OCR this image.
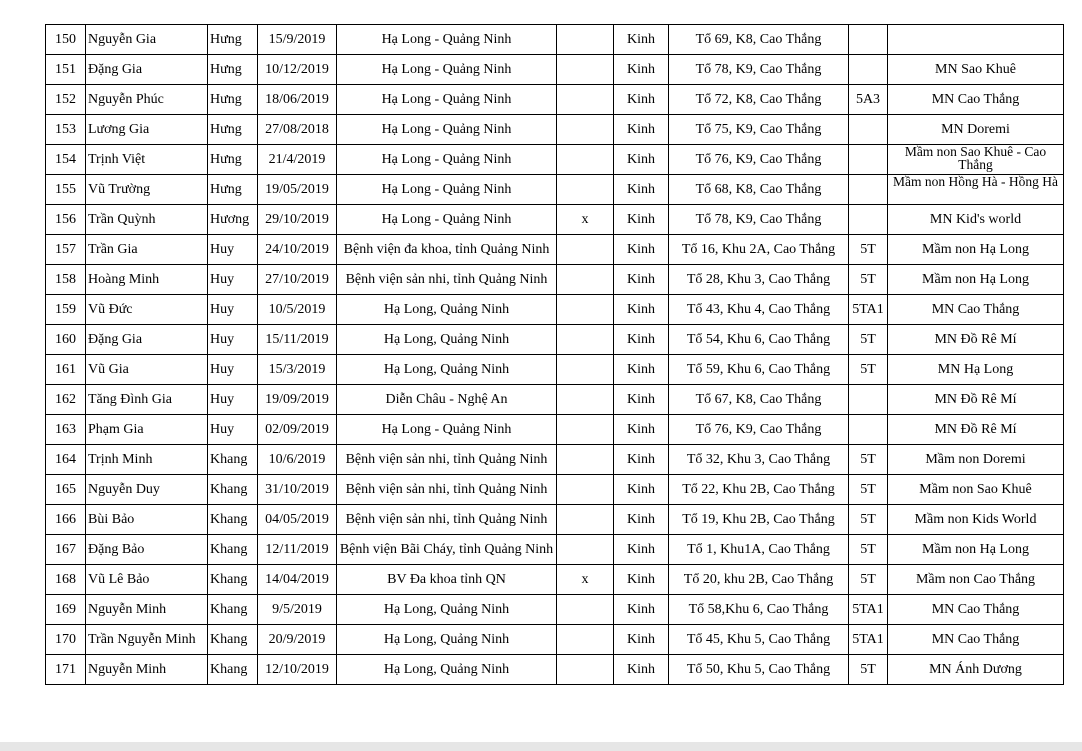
150	Nguyễn Gia	Hưng	15/9/2019	Hạ Long - Quảng Ninh		Kinh	Tổ 69, K8, Cao Thắng		
151	Đặng Gia	Hưng	10/12/2019	Hạ Long - Quảng Ninh		Kinh	Tổ 78, K9, Cao Thắng		MN Sao Khuê
152	Nguyễn Phúc	Hưng	18/06/2019	Hạ Long - Quảng Ninh		Kinh	Tổ 72, K8, Cao Thắng	5A3	MN Cao Thắng
153	Lương Gia	Hưng	27/08/2018	Hạ Long - Quảng Ninh		Kinh	Tổ 75, K9, Cao Thắng		MN Doremi
154	Trịnh Việt	Hưng	21/4/2019	Hạ Long - Quảng Ninh		Kinh	Tổ 76, K9, Cao Thắng		Mầm non Sao Khuê - Cao Thắng
155	Vũ Trường	Hưng	19/05/2019	Hạ Long - Quảng Ninh		Kinh	Tổ 68, K8, Cao Thắng		Mầm non Hồng Hà - Hồng Hà
156	Trần Quỳnh	Hương	29/10/2019	Hạ Long - Quảng Ninh	x	Kinh	Tổ 78, K9, Cao Thắng		MN Kid's world
157	Trần Gia	Huy	24/10/2019	Bệnh viện đa khoa, tỉnh Quảng Ninh		Kinh	Tổ 16, Khu 2A, Cao Thắng	5T	Mầm non Hạ Long
158	Hoàng Minh	Huy	27/10/2019	Bệnh viện sản nhi, tỉnh Quảng Ninh		Kinh	Tổ 28, Khu 3, Cao Thắng	5T	Mầm non Hạ Long
159	Vũ Đức	Huy	10/5/2019	Hạ Long, Quảng Ninh		Kinh	Tổ 43, Khu 4, Cao Thắng	5TA1	MN Cao Thắng
160	Đặng Gia	Huy	15/11/2019	Hạ Long, Quảng Ninh		Kinh	Tổ 54, Khu 6, Cao Thắng	5T	MN Đồ Rê Mí
161	Vũ Gia	Huy	15/3/2019	Hạ Long, Quảng Ninh		Kinh	Tổ 59, Khu 6, Cao Thắng	5T	MN Hạ Long
162	Tăng Đình Gia	Huy	19/09/2019	Diễn Châu - Nghệ An		Kinh	Tổ 67, K8, Cao Thắng		MN Đồ Rê Mí
163	Phạm Gia	Huy	02/09/2019	Hạ Long - Quảng Ninh		Kinh	Tổ 76, K9, Cao Thắng		MN Đồ Rê Mí
164	Trịnh Minh	Khang	10/6/2019	Bệnh viện sản nhi, tỉnh Quảng Ninh		Kinh	Tổ 32, Khu 3, Cao Thắng	5T	Mầm non Doremi
165	Nguyễn Duy	Khang	31/10/2019	Bệnh viện sản nhi, tỉnh Quảng Ninh		Kinh	Tổ 22, Khu 2B, Cao Thắng	5T	Mầm non Sao Khuê
166	Bùi Bảo	Khang	04/05/2019	Bệnh viện sản nhi, tỉnh Quảng Ninh		Kinh	Tổ 19, Khu 2B, Cao Thắng	5T	Mầm non Kids World
167	Đặng Bảo	Khang	12/11/2019	Bệnh viện Bãi Cháy, tỉnh Quảng Ninh		Kinh	Tổ 1, Khu1A, Cao Thắng	5T	Mầm non Hạ Long
168	Vũ Lê Bảo	Khang	14/04/2019	BV Đa khoa tỉnh QN	x	Kinh	Tổ 20, khu 2B, Cao Thắng	5T	Mầm non Cao Thắng
169	Nguyễn Minh	Khang	9/5/2019	Hạ Long, Quảng Ninh		Kinh	Tổ 58,Khu 6, Cao Thắng	5TA1	MN Cao Thắng
170	Trần Nguyễn Minh	Khang	20/9/2019	Hạ Long, Quảng Ninh		Kinh	Tổ 45, Khu 5, Cao Thắng	5TA1	MN Cao Thắng
171	Nguyễn Minh	Khang	12/10/2019	Hạ Long, Quảng Ninh		Kinh	Tổ 50, Khu 5, Cao Thắng	5T	MN Ánh Dương
